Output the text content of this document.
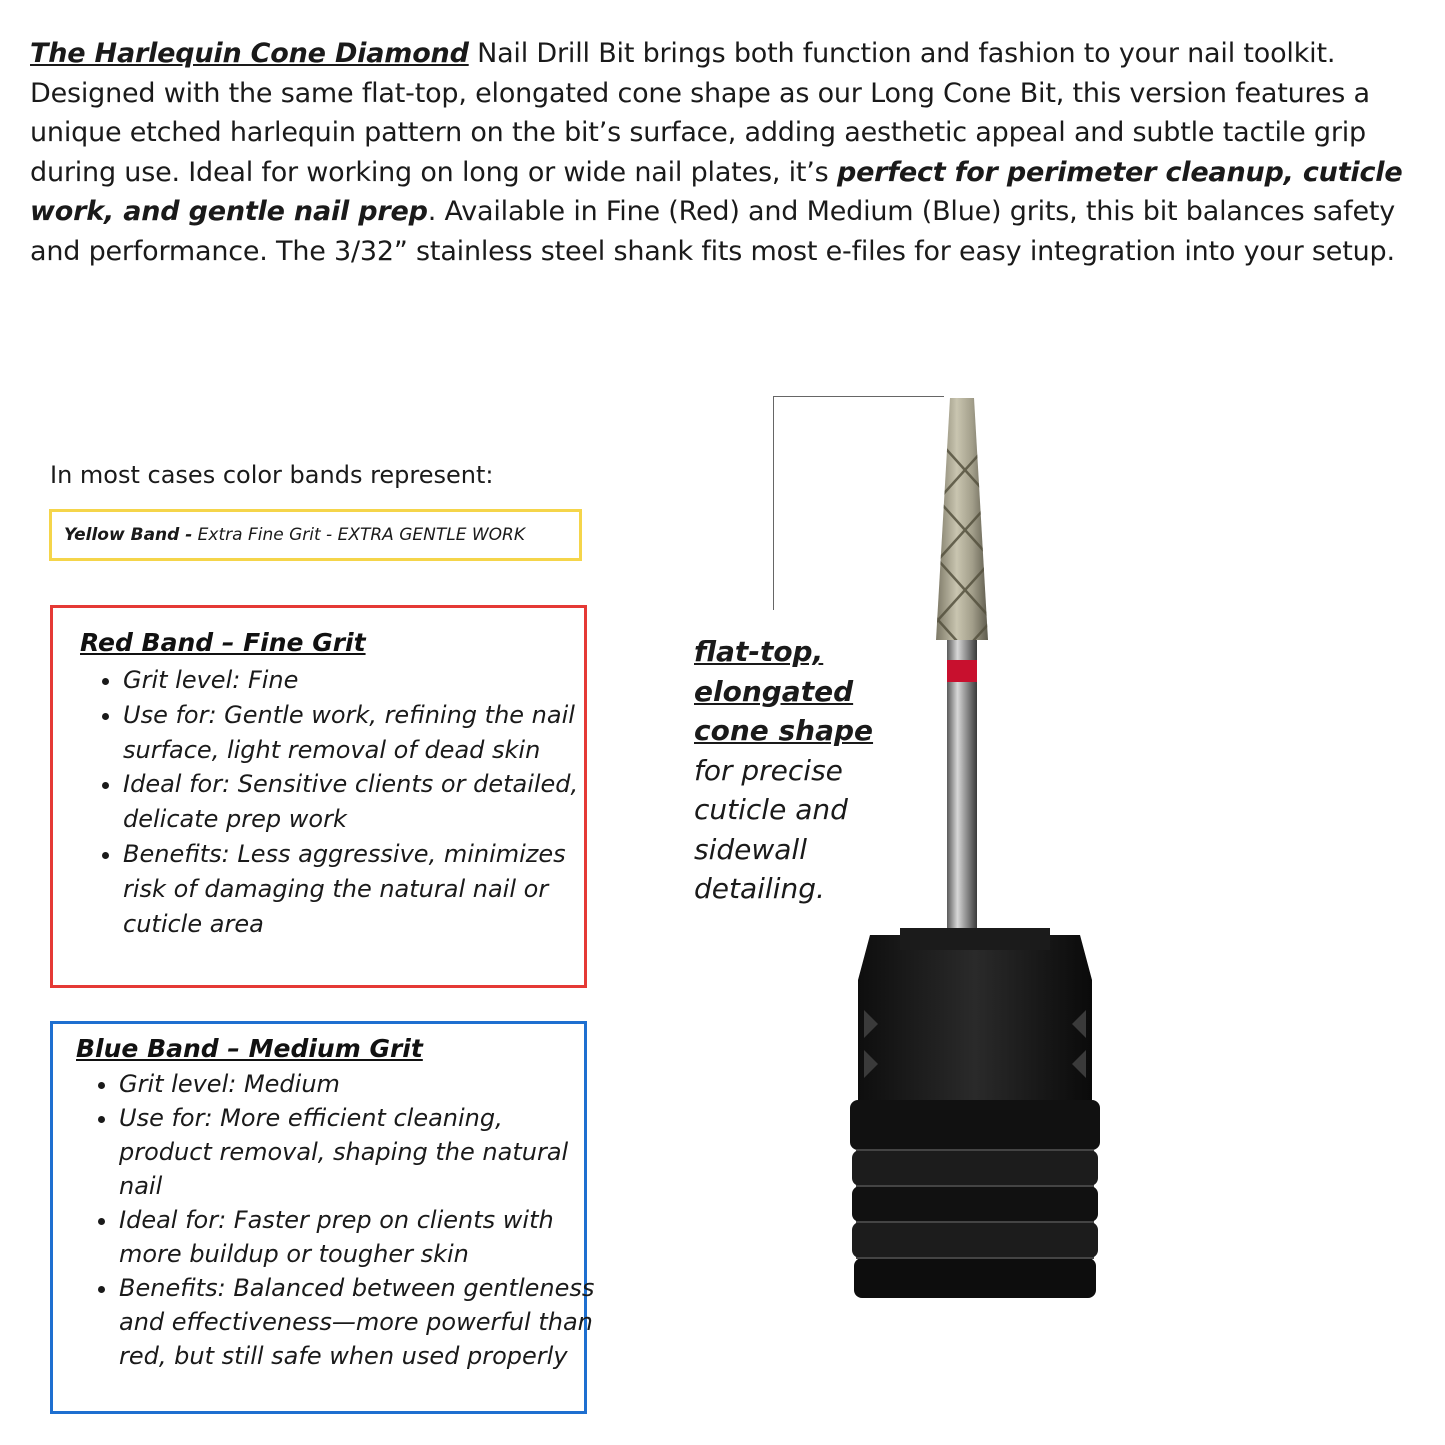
The Harlequin Cone Diamond Nail Drill Bit brings both function and fashion to your nail toolkit. Designed with the same flat-top, elongated cone shape as our Long Cone Bit, this version features a unique etched harlequin pattern on the bit’s surface, adding aesthetic appeal and subtle tactile grip during use. Ideal for working on long or wide nail plates, it’s perfect for perimeter cleanup, cuticle work, and gentle nail prep. Available in Fine (Red) and Medium (Blue) grits, this bit balances safety and performance. The 3/32” stainless steel shank fits most e-files for easy integration into your setup.

In most cases color bands represent:

Yellow Band - Extra Fine Grit - EXTRA GENTLE WORK

Red Band – Fine Grit

• Grit level: Fine
• Use for: Gentle work, refining the nail surface, light removal of dead skin
• Ideal for: Sensitive clients or detailed, delicate prep work
• Benefits: Less aggressive, minimizes risk of damaging the natural nail or cuticle area

Blue Band – Medium Grit

• Grit level: Medium
• Use for: More efficient cleaning, product removal, shaping the natural nail
• Ideal for: Faster prep on clients with more buildup or tougher skin
• Benefits: Balanced between gentleness and effectiveness—more powerful than red, but still safe when used properly

flat-top, elongated cone shape
for precise cuticle and sidewall detailing.
